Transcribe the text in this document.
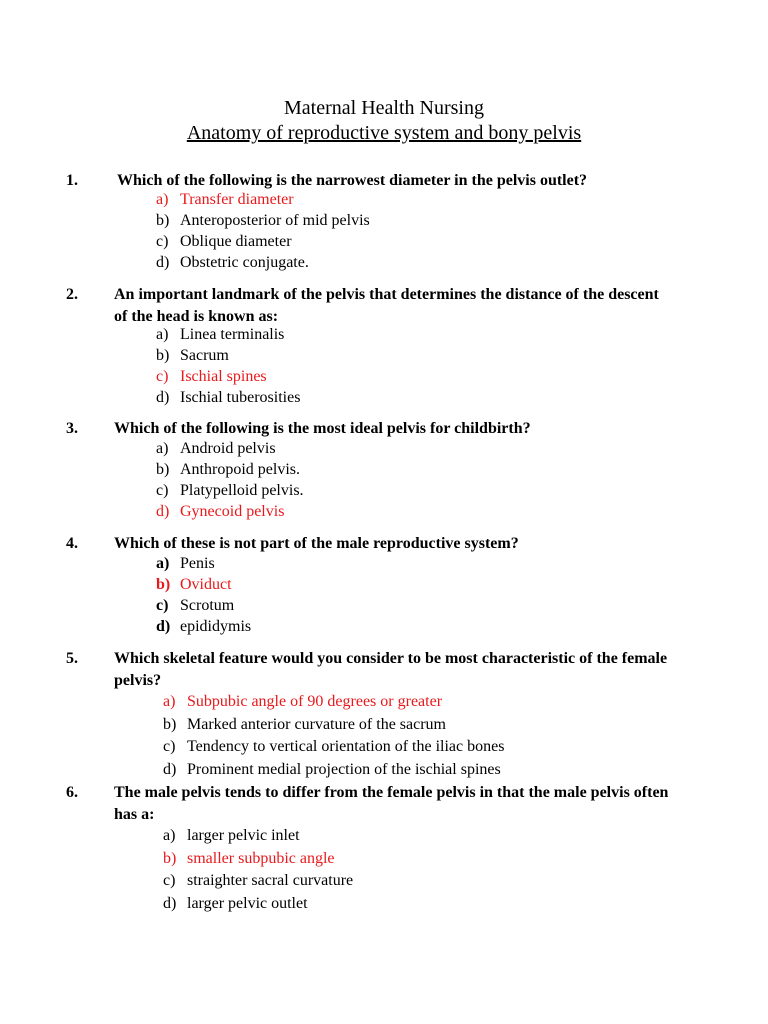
Maternal Health Nursing
Anatomy of reproductive system and bony pelvis
1. Which of the following is the narrowest diameter in the pelvis outlet?
a) Transfer diameter
b) Anteroposterior of mid pelvis
c) Oblique diameter
d) Obstetric conjugate.
2. An important landmark of the pelvis that determines the distance of the descent of the head is known as:
a) Linea terminalis
b) Sacrum
c) Ischial spines
d) Ischial tuberosities
3. Which of the following is the most ideal pelvis for childbirth?
a) Android pelvis
b) Anthropoid pelvis.
c) Platypelloid pelvis.
d) Gynecoid pelvis
4. Which of these is not part of the male reproductive system?
a) Penis
b) Oviduct
c) Scrotum
d) epididymis
5. Which skeletal feature would you consider to be most characteristic of the female pelvis?
a) Subpubic angle of 90 degrees or greater
b) Marked anterior curvature of the sacrum
c) Tendency to vertical orientation of the iliac bones
d) Prominent medial projection of the ischial spines
6. The male pelvis tends to differ from the female pelvis in that the male pelvis often has a:
a) larger pelvic inlet
b) smaller subpubic angle
c) straighter sacral curvature
d) larger pelvic outlet
